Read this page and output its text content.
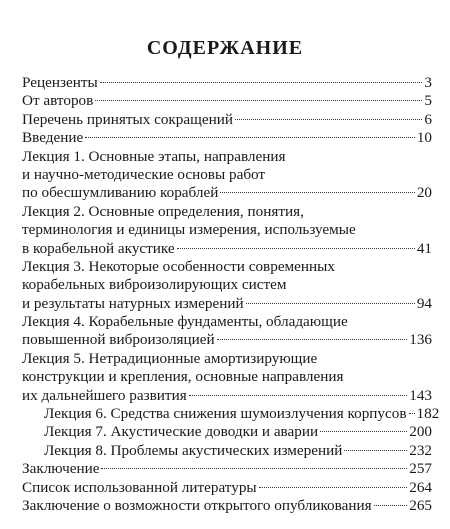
СОДЕРЖАНИЕ
Рецензенты	3
От авторов	5
Перечень принятых сокращений	6
Введение	10
Лекция 1. Основные этапы, направления
и научно-методические основы работ
по обесшумливанию кораблей	20
Лекция 2. Основные определения, понятия,
терминология и единицы измерения, используемые
в корабельной акустике	41
Лекция 3. Некоторые особенности современных
корабельных виброизолирующих систем
и результаты натурных измерений	94
Лекция 4. Корабельные фундаменты, обладающие
повышенной виброизоляцией	136
Лекция 5. Нетрадиционные амортизирующие
конструкции и крепления, основные направления
их дальнейшего развития	143
Лекция 6. Средства снижения шумоизлучения корпусов 182
Лекция 7. Акустические доводки и аварии	200
Лекция 8. Проблемы акустических измерений	232
Заключение	257
Список использованной литературы	264
Заключение о возможности открытого опубликования 265
